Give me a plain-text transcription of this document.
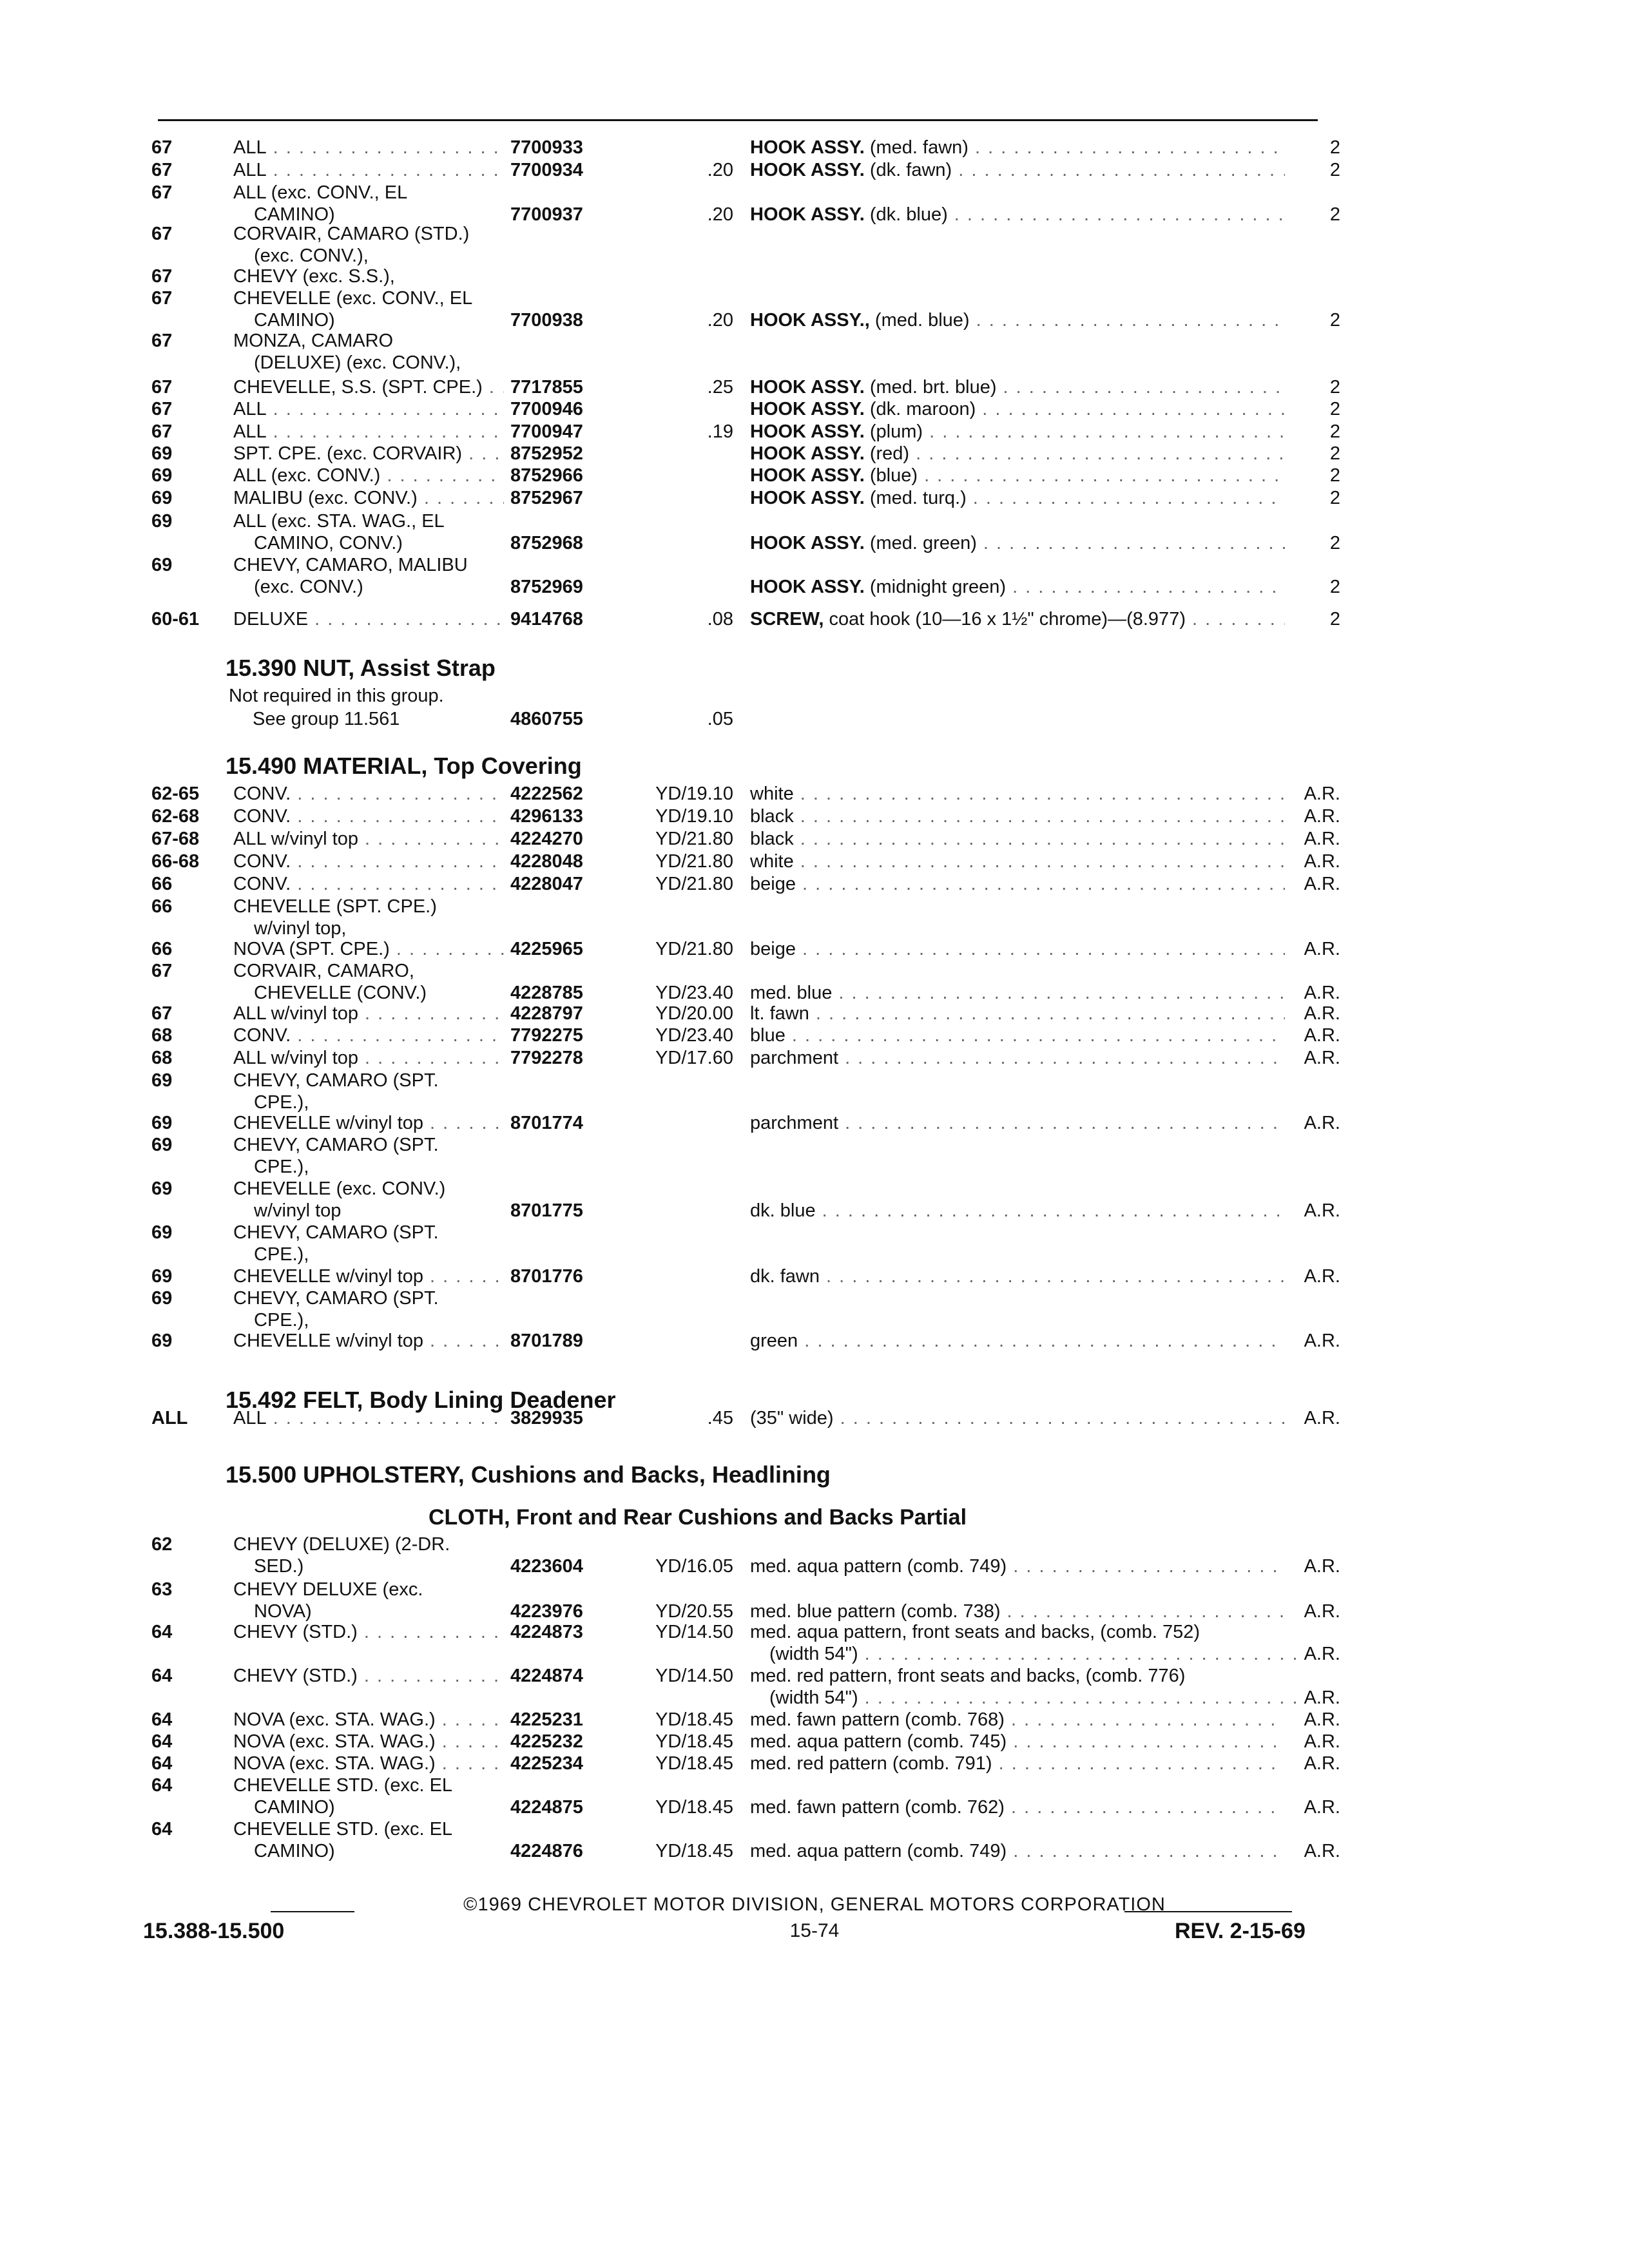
67	ALL . . .	7700933	HOOK ASSY. (med. fawn) . . .	2
67	ALL . . .	7700934	.20 HOOK ASSY. (dk. fawn) . . .	2
67	ALL (exc. CONV., EL
CAMINO)	7700937	.20 HOOK ASSY. (dk. blue) . . .	2
67	CORVAIR, CAMARO (STD.)
(exc. CONV.),
67	CHEVY (exc. S.S.),
67	CHEVELLE (exc. CONV., EL
CAMINO)	7700938	.20 HOOK ASSY., (med. blue) . . .	2
67	MONZA, CAMARO
(DELUXE) (exc. CONV.),
67	CHEVELLE, S.S. (SPT. CPE.) . . .	7717855	.25 HOOK ASSY. (med. brt. blue) . . .	2
67	ALL . . .	7700946	HOOK ASSY. (dk. maroon) . . .	2
67	ALL . . .	7700947	.19 HOOK ASSY. (plum) . . .	2
69	SPT. CPE. (exc. CORVAIR) . . .	8752952	HOOK ASSY. (red) . . .	2
69	ALL (exc. CONV.) . . .	8752966	HOOK ASSY. (blue) . . .	2
69	MALIBU (exc. CONV.) . . .	8752967	HOOK ASSY. (med. turq.) . . .	2
69	ALL (exc. STA. WAG., EL
CAMINO, CONV.)	8752968	HOOK ASSY. (med. green) . . .	2
69	CHEVY, CAMARO, MALIBU
(exc. CONV.)	8752969	HOOK ASSY. (midnight green) . . .	2
60-61 DELUXE . . .	9414768	.08 SCREW, coat hook (10—16 x 1½" chrome)—(8.977) . . .	2
15.390 NUT, Assist Strap
Not required in this group.
See group 11.561	4860755	.05
15.490 MATERIAL, Top Covering
62-65 CONV. . . .	4222562	YD/19.10 white . . .	A.R.
62-68 CONV. . . .	4296133	YD/19.10 black . . .	A.R.
67-68 ALL w/vinyl top . . .	4224270	YD/21.80 black . . .	A.R.
66-68 CONV. . . .	4228048	YD/21.80 white . . .	A.R.
66	CONV. . . .	4228047	YD/21.80 beige . . .	A.R.
66	CHEVELLE (SPT. CPE.)
w/vinyl top,
66	NOVA (SPT. CPE.) . . .	4225965	YD/21.80 beige . . .	A.R.
67	CORVAIR, CAMARO,
CHEVELLE (CONV.)	4228785	YD/23.40 med. blue . . .	A.R.
67	ALL w/vinyl top . . .	4228797	YD/20.00 lt. fawn . . .	A.R.
68	CONV. . . .	7792275	YD/23.40 blue . . .	A.R.
68	ALL w/vinyl top . . .	7792278	YD/17.60 parchment . . .	A.R.
69	CHEVY, CAMARO (SPT.
CPE.),
69	CHEVELLE w/vinyl top . . .	8701774	parchment . . .	A.R.
69	CHEVY, CAMARO (SPT.
CPE.),
69	CHEVELLE (exc. CONV.)
w/vinyl top	8701775	dk. blue . . .	A.R.
69	CHEVY, CAMARO (SPT.
CPE.),
69	CHEVELLE w/vinyl top . . .	8701776	dk. fawn . . .	A.R.
69	CHEVY, CAMARO (SPT.
CPE.),
69	CHEVELLE w/vinyl top . . .	8701789	green . . .	A.R.
15.492 FELT, Body Lining Deadener
ALL ALL . . .	3829935	.45 (35" wide) . . .	A.R.
15.500 UPHOLSTERY, Cushions and Backs, Headlining
CLOTH, Front and Rear Cushions and Backs Partial
62	CHEVY (DELUXE) (2-DR.
SED.)	4223604	YD/16.05 med. aqua pattern (comb. 749) . . .	A.R.
63	CHEVY DELUXE (exc.
NOVA)	4223976	YD/20.55 med. blue pattern (comb. 738) . . .	A.R.
64	CHEVY (STD.) . . .	4224873	YD/14.50 med. aqua pattern, front seats and backs, (comb. 752)
(width 54") . . .	A.R.
64	CHEVY (STD.) . . .	4224874	YD/14.50 med. red pattern, front seats and backs, (comb. 776)
(width 54") . . .	A.R.
64	NOVA (exc. STA. WAG.) . . .	4225231	YD/18.45 med. fawn pattern (comb. 768) . . .	A.R.
64	NOVA (exc. STA. WAG.) . . .	4225232	YD/18.45 med. aqua pattern (comb. 745) . . .	A.R.
64	NOVA (exc. STA. WAG.) . . .	4225234	YD/18.45 med. red pattern (comb. 791) . . .	A.R.
64	CHEVELLE STD. (exc. EL
CAMINO)	4224875	YD/18.45 med. fawn pattern (comb. 762) . . .	A.R.
64	CHEVELLE STD. (exc. EL
CAMINO)	4224876	YD/18.45 med. aqua pattern (comb. 749) . . .	A.R.
©1969 CHEVROLET MOTOR DIVISION, GENERAL MOTORS CORPORATION
15.388-15.500	15-74	REV. 2-15-69
